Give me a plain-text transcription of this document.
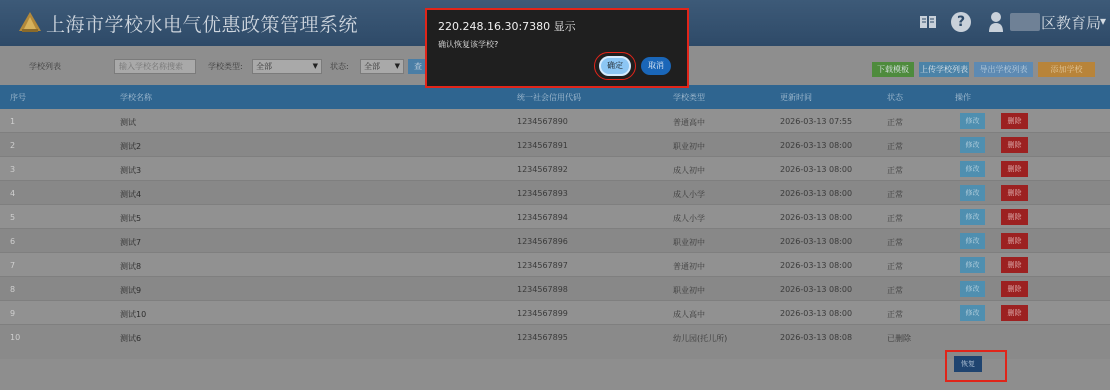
上海市学校水电气优惠政策管理系统	?	区教育局
▾
学校列表
输入学校名称搜索	学校类型:	全部	▼ 状态:	全部 ▼	查	下载模板	上传学校列表	导出学校列表	添加学校
序号	学校名称	统一社会信用代码	学校类型	更新时间	状态	操作
1	测试	1234567890	普通高中	2026-03-13 07:55	正常	修改	删除
2	测试2	1234567891	职业初中	2026-03-13 08:00	正常	修改	删除
3	测试3	1234567892	成人初中	2026-03-13 08:00	正常	修改	删除
4	测试4	1234567893	成人小学	2026-03-13 08:00	正常	修改	删除
5	测试5	1234567894	成人小学	2026-03-13 08:00	正常	修改	删除
6	测试7	1234567896	职业初中	2026-03-13 08:00	正常	修改	删除
7	测试8	1234567897	普通初中	2026-03-13 08:00	正常	修改	删除
8	测试9	1234567898	职业初中	2026-03-13 08:00	正常	修改	删除
9	测试10	1234567899	成人高中	2026-03-13 08:00	正常	修改	删除
10	测试6	1234567895	幼儿园(托儿所)	2026-03-13 08:08	已删除
恢复
220.248.16.30:7380 显示
确认恢复该学校?
确定	取消
